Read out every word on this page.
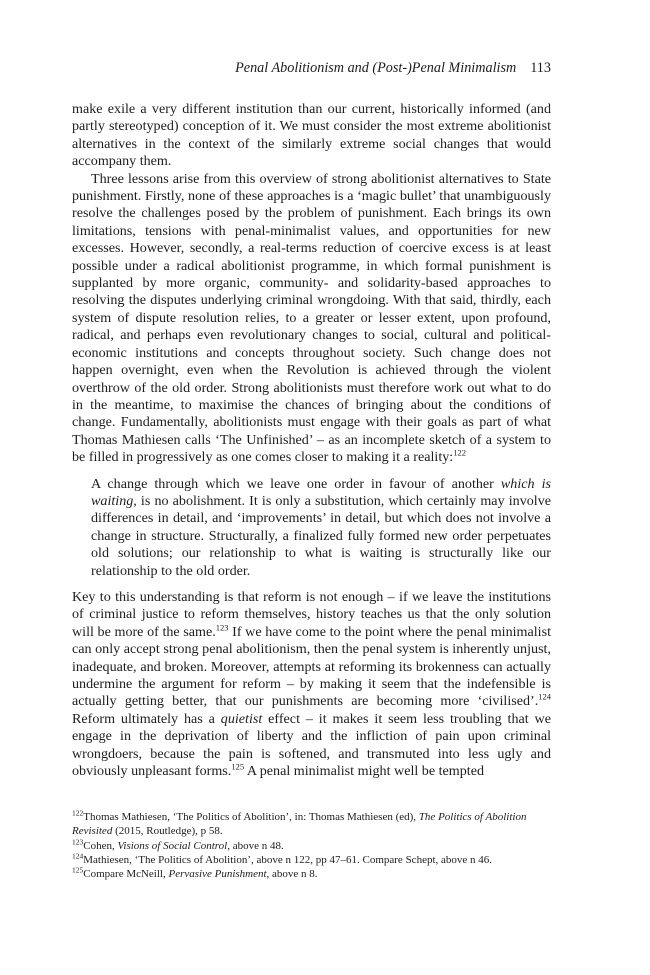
Penal Abolitionism and (Post-)Penal Minimalism 113

make exile a very different institution than our current, historically informed (and partly stereotyped) conception of it. We must consider the most extreme abolitionist alternatives in the context of the similarly extreme social changes that would accompany them.

Three lessons arise from this overview of strong abolitionist alternatives to State punishment. Firstly, none of these approaches is a ‘magic bullet’ that unambiguously resolve the challenges posed by the problem of punishment. Each brings its own limitations, tensions with penal-minimalist values, and opportunities for new excesses. However, secondly, a real-terms reduction of coercive excess is at least possible under a radical abolitionist programme, in which formal punishment is supplanted by more organic, community- and solidarity-based approaches to resolving the disputes underlying criminal wrongdoing. With that said, thirdly, each system of dispute resolution relies, to a greater or lesser extent, upon profound, radical, and perhaps even revolutionary changes to social, cultural and political-economic institutions and concepts throughout society. Such change does not happen overnight, even when the Revolution is achieved through the violent overthrow of the old order. Strong abolitionists must therefore work out what to do in the meantime, to maximise the chances of bringing about the conditions of change. Fundamentally, abolitionists must engage with their goals as part of what Thomas Mathiesen calls ‘The Unfinished’ – as an incomplete sketch of a system to be filled in progressively as one comes closer to making it a reality:$^{122}$

A change through which we leave one order in favour of another which is waiting, is no abolishment. It is only a substitution, which certainly may involve differences in detail, and ‘improvements’ in detail, but which does not involve a change in structure. Structurally, a finalized fully formed new order perpetuates old solutions; our relationship to what is waiting is structurally like our relationship to the old order.

Key to this understanding is that reform is not enough – if we leave the institutions of criminal justice to reform themselves, history teaches us that the only solution will be more of the same.$^{123}$ If we have come to the point where the penal minimalist can only accept strong penal abolitionism, then the penal system is inherently unjust, inadequate, and broken. Moreover, attempts at reforming its brokenness can actually undermine the argument for reform – by making it seem that the indefensible is actually getting better, that our punishments are becoming more ‘civilised’.$^{124}$ Reform ultimately has a quietist effect – it makes it seem less troubling that we engage in the deprivation of liberty and the infliction of pain upon criminal wrongdoers, because the pain is softened, and transmuted into less ugly and obviously unpleasant forms.$^{125}$ A penal minimalist might well be tempted

$^{122}$Thomas Mathiesen, ‘The Politics of Abolition’, in: Thomas Mathiesen (ed), The Politics of Abolition Revisited (2015, Routledge), p 58.

$^{123}$Cohen, Visions of Social Control, above n 48.

$^{124}$Mathiesen, ‘The Politics of Abolition’, above n 122, pp 47–61. Compare Schept, above n 46.

$^{125}$Compare McNeill, Pervasive Punishment, above n 8.
